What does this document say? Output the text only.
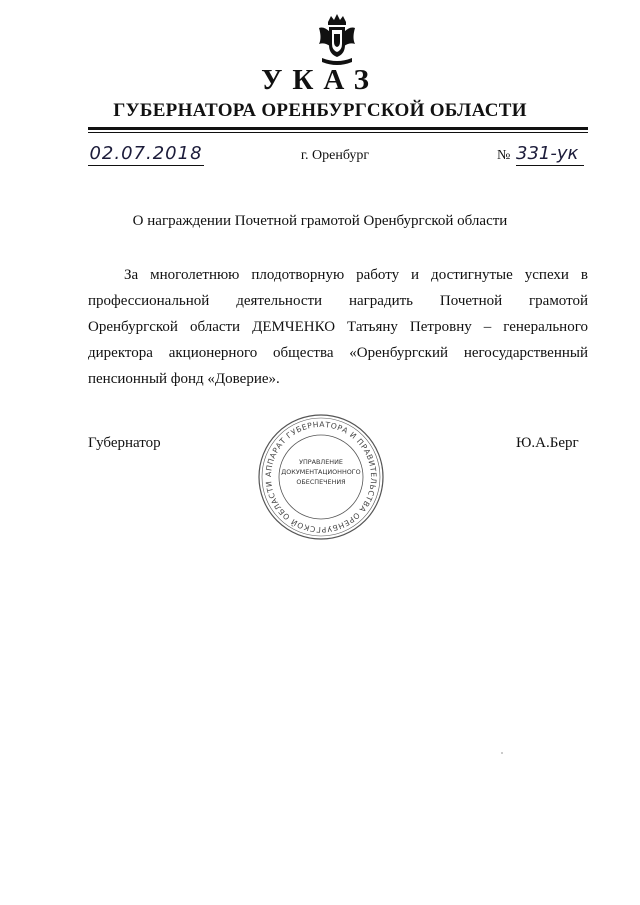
УКАЗ
ГУБЕРНАТОРА ОРЕНБУРГСКОЙ ОБЛАСТИ
02.07.2018	г. Оренбург	№ 331-ук
О награждении Почетной грамотой Оренбургской области

За многолетнюю плодотворную работу и достигнутые успехи в профессиональной деятельности наградить Почетной грамотой Оренбургской области ДЕМЧЕНКО Татьяну Петровну – генерального директора акционерного общества «Оренбургский негосударственный пенсионный фонд «Доверие».

Губернатор	Ю.А.Берг
АППАРАТ ГУБЕРНАТОРА И ПРАВИТЕЛЬСТВА ОРЕНБУРГСКОЙ ОБЛАСТИ
УПРАВЛЕНИЕ
ДОКУМЕНТАЦИОННОГО
ОБЕСПЕЧЕНИЯ
